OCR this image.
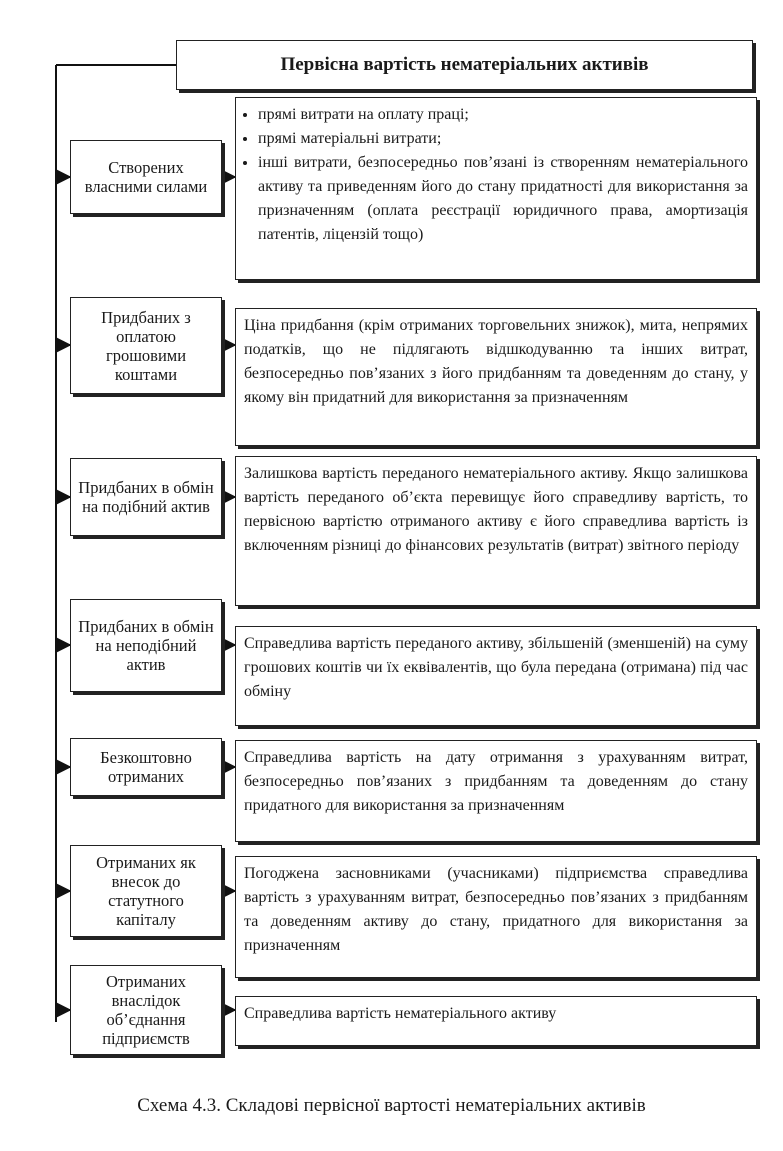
Первісна вартість нематеріальних активів
Створених власними силами
• прямі витрати на оплату праці;
• прямі матеріальні витрати;
• інші витрати, безпосередньо пов’язані із створенням нематеріального активу та приведенням його до стану придатності для використання за призначенням (оплата реєстрації юридичного права, амортизація патентів, ліцензій тощо)
Придбаних з оплатою грошовими коштами
Ціна придбання (крім отриманих торговельних знижок), мита, непрямих податків, що не підлягають відшкодуванню та інших витрат, безпосередньо пов’язаних з його придбанням та доведенням до стану, у якому він придатний для використання за призначенням
Придбаних в обмін на подібний актив
Залишкова вартість переданого нематеріального активу. Якщо залишкова вартість переданого об’єкта перевищує його справедливу вартість, то первісною вартістю отриманого активу є його справедлива вартість із включенням різниці до фінансових результатів (витрат) звітного періоду
Придбаних в обмін на неподібний актив
Справедлива вартість переданого активу, збільшеній (зменшеній) на суму грошових коштів чи їх еквівалентів, що була передана (отримана) під час обміну
Безкоштовно отриманих
Справедлива вартість на дату отримання з урахуванням витрат, безпосередньо пов’язаних з придбанням та доведенням до стану придатного для використання за призначенням
Отриманих як внесок до статутного капіталу
Погоджена засновниками (учасниками) підприємства справедлива вартість з урахуванням витрат, безпосередньо пов’язаних з придбанням та доведенням активу до стану, придатного для використання за призначенням
Отриманих внаслідок об’єднання підприємств
Справедлива вартість нематеріального активу
Схема 4.3. Складові первісної вартості нематеріальних активів
